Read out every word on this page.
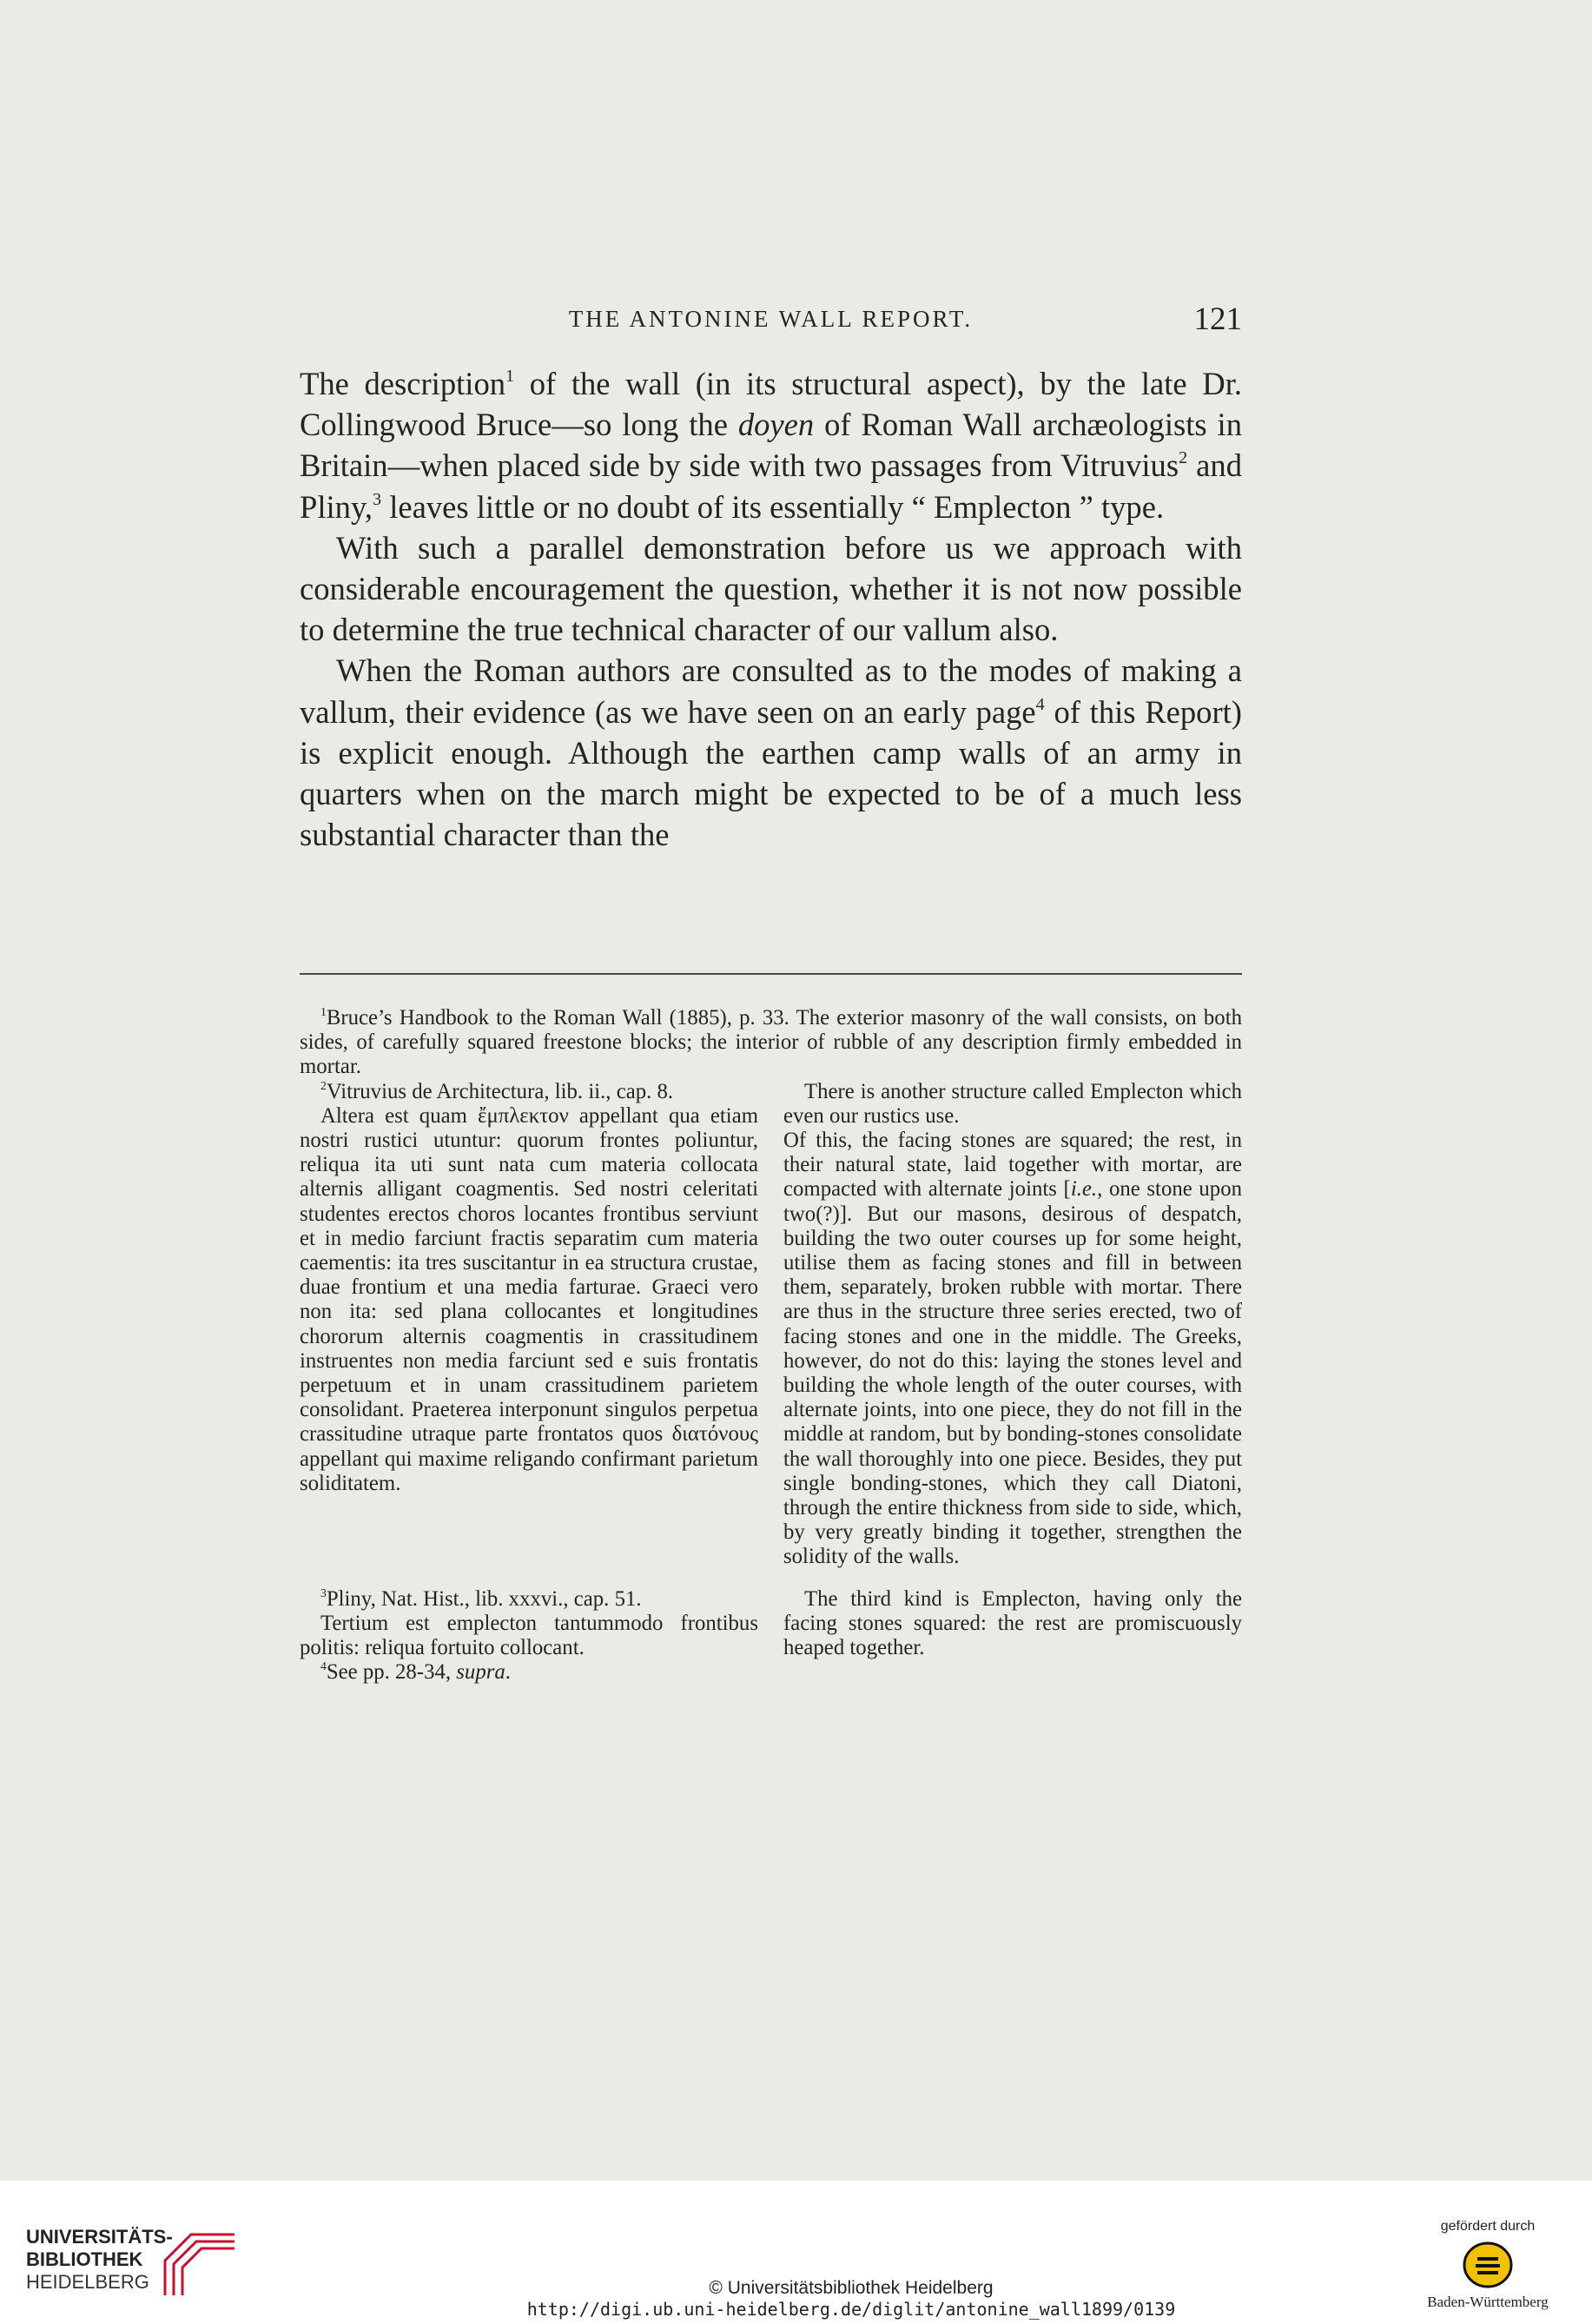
THE ANTONINE WALL REPORT.	121

The description$^1$ of the wall (in its structural aspect), by the late Dr. Collingwood Bruce—so long the doyen of Roman Wall archæologists in Britain—when placed side by side with two passages from Vitruvius$^2$ and Pliny,$^3$ leaves little or no doubt of its essentially “ Emplecton ” type.

With such a parallel demonstration before us we approach with considerable encouragement the question, whether it is not now possible to determine the true technical character of our vallum also.

When the Roman authors are consulted as to the modes of making a vallum, their evidence (as we have seen on an early page$^4$ of this Report) is explicit enough. Although the earthen camp walls of an army in quarters when on the march might be expected to be of a much less substantial character than the

$^1$Bruce’s Handbook to the Roman Wall (1885), p. 33. The exterior masonry of the wall consists, on both sides, of carefully squared freestone blocks; the interior of rubble of any description firmly embedded in mortar.

$^2$Vitruvius de Architectura, lib. ii., cap. 8.

Altera est quam ἔμπλεκτον appellant qua etiam nostri rustici utuntur: quorum frontes poliuntur, reliqua ita uti sunt nata cum materia collocata alternis alligant coagmentis. Sed nostri celeritati studentes erectos choros locantes frontibus serviunt et in medio farciunt fractis separatim cum materia caementis: ita tres suscitantur in ea structura crustae, duae frontium et una media farturae. Graeci vero non ita: sed plana collocantes et longitudines chororum alternis coagmentis in crassitudinem instruentes non media farciunt sed e suis frontatis perpetuum et in unam crassitudinem parietem consolidant. Praeterea interponunt singulos perpetua crassitudine utraque parte frontatos quos διατόνους appellant qui maxime religando confirmant parietum soliditatem.

There is another structure called Emplecton which even our rustics use.

Of this, the facing stones are squared; the rest, in their natural state, laid together with mortar, are compacted with alternate joints [i.e., one stone upon two(?)]. But our masons, desirous of despatch, building the two outer courses up for some height, utilise them as facing stones and fill in between them, separately, broken rubble with mortar. There are thus in the structure three series erected, two of facing stones and one in the middle. The Greeks, however, do not do this: laying the stones level and building the whole length of the outer courses, with alternate joints, into one piece, they do not fill in the middle at random, but by bonding-stones consolidate the wall thoroughly into one piece. Besides, they put single bonding-stones, which they call Diatoni, through the entire thickness from side to side, which, by very greatly binding it together, strengthen the solidity of the walls.

$^3$Pliny, Nat. Hist., lib. xxxvi., cap. 51.

Tertium est emplecton tantummodo frontibus politis: reliqua fortuito collocant.

$^4$See pp. 28-34, supra.

The third kind is Emplecton, having only the facing stones squared: the rest are promiscuously heaped together.

UNIVERSITÄTS-
BIBLIOTHEK
HEIDELBERG	© Universitätsbibliothek Heidelberg
http://digi.ub.uni-heidelberg.de/diglit/antonine_wall1899/0139
gefördert durch
Baden-Württemberg
